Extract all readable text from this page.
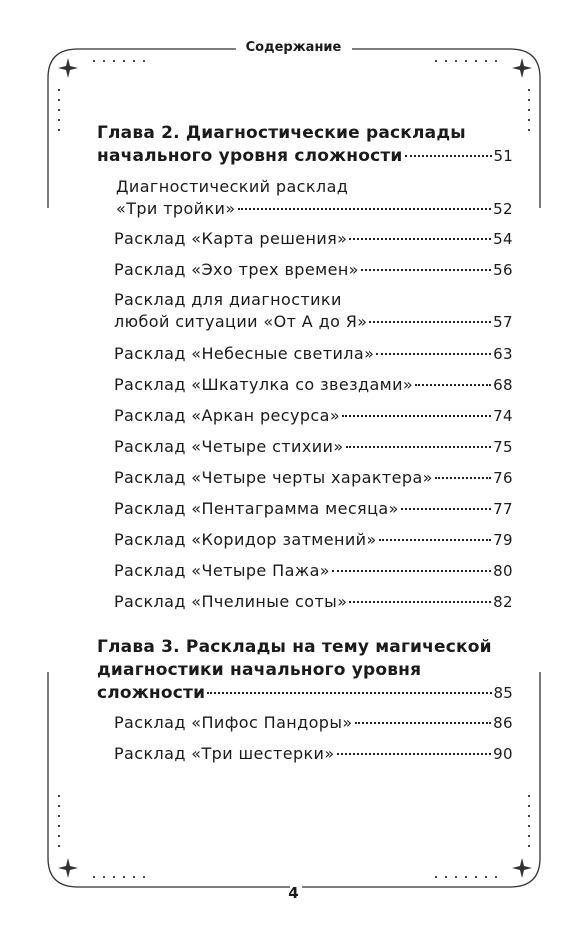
Содержание
Глава 2. Диагностические расклады
начального уровня сложности	51
Диагностический расклад
«Три тройки»	52
Расклад «Карта решения»	54
Расклад «Эхо трех времен»	56
Расклад для диагностики
любой ситуации «От А до Я»	57
Расклад «Небесные светила»	63
Расклад «Шкатулка со звездами»	68
Расклад «Аркан ресурса»	74
Расклад «Четыре стихии»	75
Расклад «Четыре черты характера»	76
Расклад «Пентаграмма месяца»	77
Расклад «Коридор затмений»	79
Расклад «Четыре Пажа»	80
Расклад «Пчелиные соты»	82
Глава 3. Расклады на тему магической
диагностики начального уровня
сложности	85
Расклад «Пифос Пандоры»	86
Расклад «Три шестерки»	90
4
